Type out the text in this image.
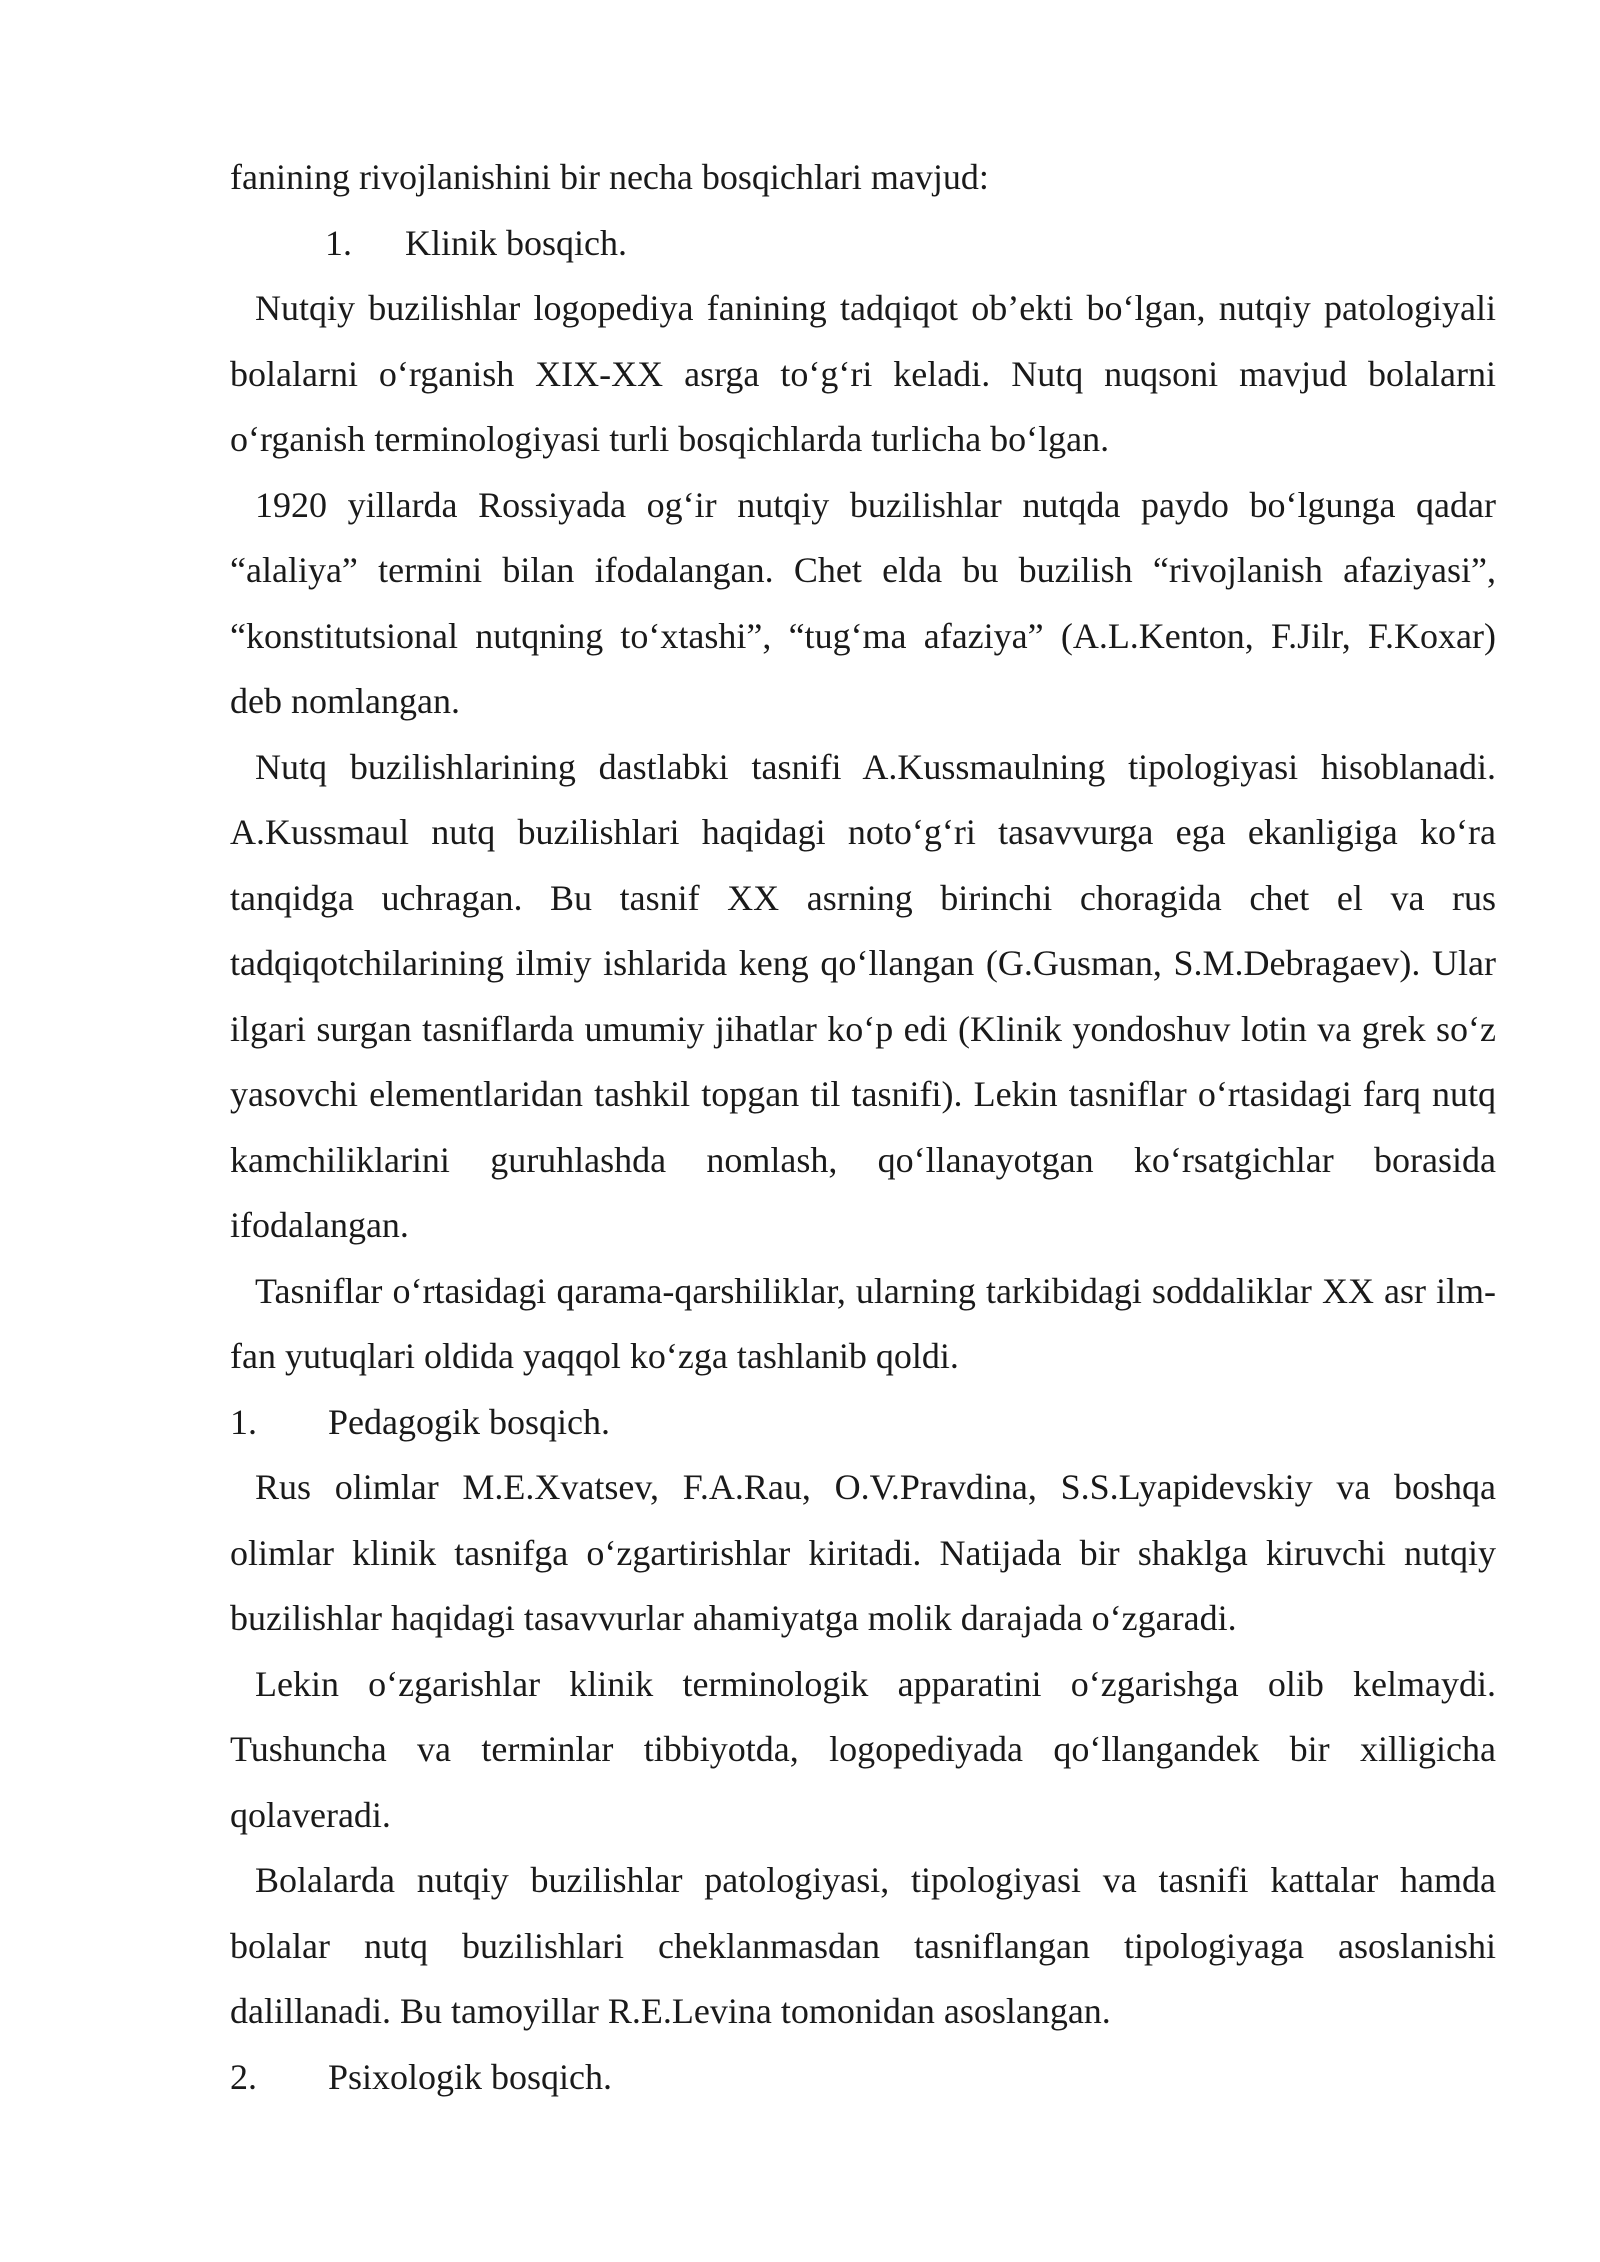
fanining rivojlanishini bir necha bosqichlari mavjud:

1.	Klinik bosqich.

Nutqiy buzilishlar logopediya fanining tadqiqot ob’ekti bo‘lgan, nutqiy patologiyali bolalarni o‘rganish XIX-XX asrga to‘g‘ri keladi. Nutq nuqsoni mavjud bolalarni o‘rganish terminologiyasi turli bosqichlarda turlicha bo‘lgan.

1920 yillarda Rossiyada og‘ir nutqiy buzilishlar nutqda paydo bo‘lgunga qadar “alaliya” termini bilan ifodalangan. Chet elda bu buzilish “rivojlanish afaziyasi”, “konstitutsional nutqning to‘xtashi”, “tug‘ma afaziya” (A.L.Kenton, F.Jilr, F.Koxar) deb nomlangan.

Nutq buzilishlarining dastlabki tasnifi A.Kussmaulning tipologiyasi hisoblanadi. A.Kussmaul nutq buzilishlari haqidagi noto‘g‘ri tasavvurga ega ekanligiga ko‘ra tanqidga uchragan. Bu tasnif XX asrning birinchi choragida chet el va rus tadqiqotchilarining ilmiy ishlarida keng qo‘llangan (G.Gusman, S.M.Debragaev). Ular ilgari surgan tasniflarda umumiy jihatlar ko‘p edi (Klinik yondoshuv lotin va grek so‘z yasovchi elementlaridan tashkil topgan til tasnifi). Lekin tasniflar o‘rtasidagi farq nutq kamchiliklarini guruhlashda nomlash, qo‘llanayotgan ko‘rsatgichlar borasida ifodalangan.

Tasniflar o‘rtasidagi qarama-qarshiliklar, ularning tarkibidagi soddaliklar XX asr ilm-fan yutuqlari oldida yaqqol ko‘zga tashlanib qoldi.

1.	Pedagogik bosqich.

Rus olimlar M.E.Xvatsev, F.A.Rau, O.V.Pravdina, S.S.Lyapidevskiy va boshqa olimlar klinik tasnifga o‘zgartirishlar kiritadi. Natijada bir shaklga kiruvchi nutqiy buzilishlar haqidagi tasavvurlar ahamiyatga molik darajada o‘zgaradi.

Lekin o‘zgarishlar klinik terminologik apparatini o‘zgarishga olib kelmaydi. Tushuncha va terminlar tibbiyotda, logopediyada qo‘llangandek bir xilligicha qolaveradi.

Bolalarda nutqiy buzilishlar patologiyasi, tipologiyasi va tasnifi kattalar hamda bolalar nutq buzilishlari cheklanmasdan tasniflangan tipologiyaga asoslanishi dalillanadi. Bu tamoyillar R.E.Levina tomonidan asoslangan.

2.	Psixologik bosqich.
